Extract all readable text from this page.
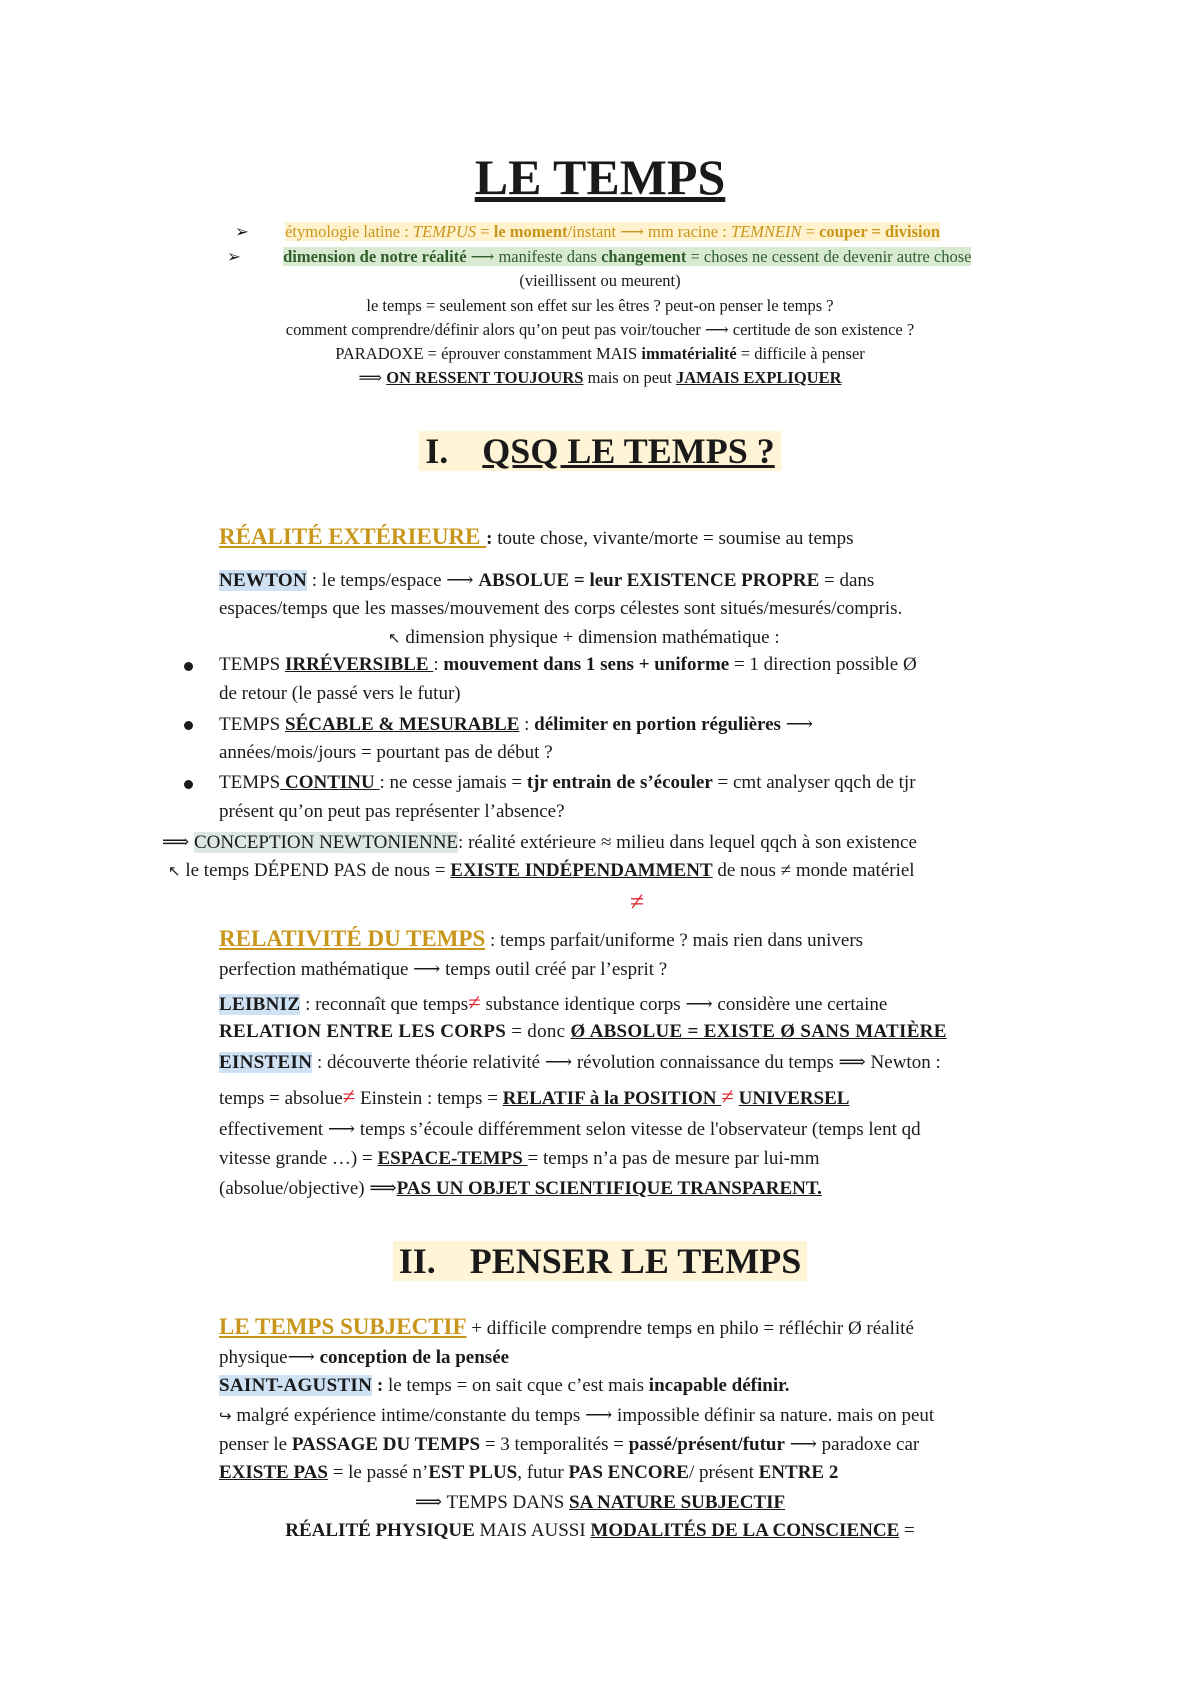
LE TEMPS
➢ étymologie latine : TEMPUS = le moment/instant ⟶ mm racine : TEMNEIN = couper = division
➢	dimension de notre réalité ⟶ manifeste dans changement = choses ne cessent de devenir autre chose
(vieillissent ou meurent)
le temps = seulement son effet sur les êtres ? peut-on penser le temps ?
comment comprendre/définir alors qu’on peut pas voir/toucher ⟶ certitude de son existence ?
PARADOXE = éprouver constamment MAIS immatérialité = difficile à penser
⟹ ON RESSENT TOUJOURS mais on peut JAMAIS EXPLIQUER
I. QSQ LE TEMPS ?
RÉALITÉ EXTÉRIEURE : toute chose, vivante/morte = soumise au temps
NEWTON : le temps/espace ⟶ ABSOLUE = leur EXISTENCE PROPRE = dans
espaces/temps que les masses/mouvement des corps célestes sont situés/mesurés/compris.
↖ dimension physique + dimension mathématique :
TEMPS IRRÉVERSIBLE : mouvement dans 1 sens + uniforme = 1 direction possible Ø
de retour (le passé vers le futur)
TEMPS SÉCABLE & MESURABLE : délimiter en portion régulières ⟶
années/mois/jours = pourtant pas de début ?
TEMPS CONTINU : ne cesse jamais = tjr entrain de s’écouler = cmt analyser qqch de tjr
présent qu’on peut pas représenter l’absence?
⟹ CONCEPTION NEWTONIENNE: réalité extérieure ≈ milieu dans lequel qqch à son existence
↖ le temps DÉPEND PAS de nous = EXISTE INDÉPENDAMMENT de nous ≠ monde matériel
≠
RELATIVITÉ DU TEMPS : temps parfait/uniforme ? mais rien dans univers
perfection mathématique ⟶ temps outil créé par l’esprit ?
LEIBNIZ : reconnaît que temps≠ substance identique corps ⟶ considère une certaine
RELATION ENTRE LES CORPS = donc Ø ABSOLUE = EXISTE Ø SANS MATIÈRE
EINSTEIN : découverte théorie relativité ⟶ révolution connaissance du temps ⟹ Newton :
temps = absolue≠ Einstein : temps = RELATIF à la POSITION ≠ UNIVERSEL
effectivement ⟶ temps s’écoule différemment selon vitesse de l'observateur (temps lent qd
vitesse grande …) = ESPACE-TEMPS = temps n’a pas de mesure par lui-mm
(absolue/objective) ⟹PAS UN OBJET SCIENTIFIQUE TRANSPARENT.
II. PENSER LE TEMPS
LE TEMPS SUBJECTIF + difficile comprendre temps en philo = réfléchir Ø réalité
physique⟶ conception de la pensée
SAINT-AGUSTIN : le temps = on sait cque c’est mais incapable définir.
↪ malgré expérience intime/constante du temps ⟶ impossible définir sa nature. mais on peut
penser le PASSAGE DU TEMPS = 3 temporalités = passé/présent/futur ⟶ paradoxe car
EXISTE PAS = le passé n’EST PLUS, futur PAS ENCORE/ présent ENTRE 2
⟹ TEMPS DANS SA NATURE SUBJECTIF
RÉALITÉ PHYSIQUE MAIS AUSSI MODALITÉS DE LA CONSCIENCE =
